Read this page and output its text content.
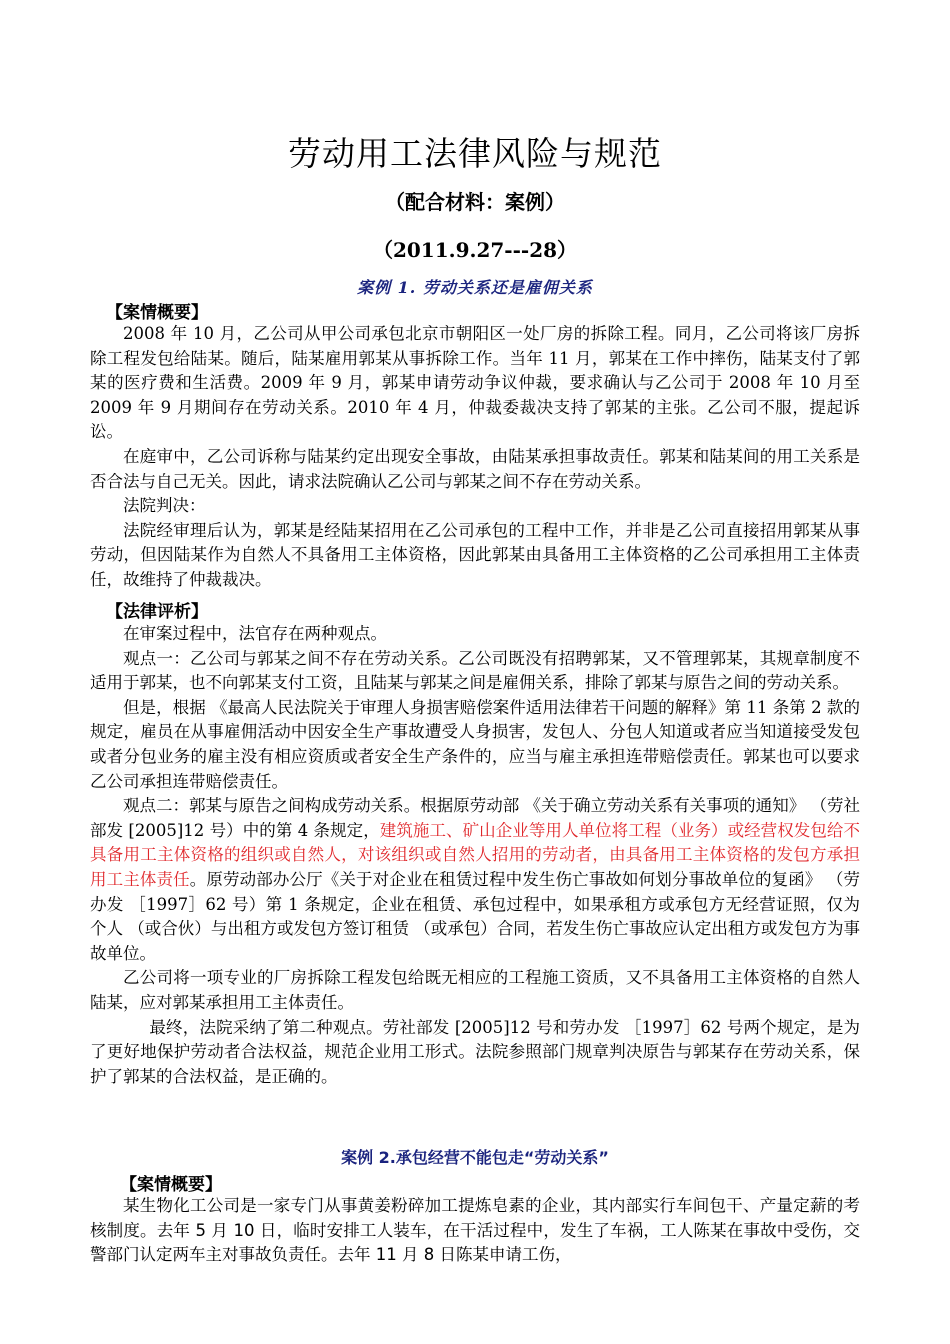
劳动用工法律风险与规范
（配合材料：案例）
（2011.9.27---28）
案例 1. 劳动关系还是雇佣关系
【案情概要】

2008 年 10 月，乙公司从甲公司承包北京市朝阳区一处厂房的拆除工程。同月，乙公司将该厂房拆除工程发包给陆某。随后，陆某雇用郭某从事拆除工作。当年 11 月，郭某在工作中摔伤，陆某支付了郭某的医疗费和生活费。2009 年 9 月，郭某申请劳动争议仲裁，要求确认与乙公司于 2008 年 10 月至 2009 年 9 月期间存在劳动关系。2010 年 4 月，仲裁委裁决支持了郭某的主张。乙公司不服，提起诉讼。

在庭审中，乙公司诉称与陆某约定出现安全事故，由陆某承担事故责任。郭某和陆某间的用工关系是否合法与自己无关。因此，请求法院确认乙公司与郭某之间不存在劳动关系。

法院判决：

法院经审理后认为，郭某是经陆某招用在乙公司承包的工程中工作，并非是乙公司直接招用郭某从事劳动，但因陆某作为自然人不具备用工主体资格，因此郭某由具备用工主体资格的乙公司承担用工主体责任，故维持了仲裁裁决。

【法律评析】

在审案过程中，法官存在两种观点。

观点一：乙公司与郭某之间不存在劳动关系。乙公司既没有招聘郭某，又不管理郭某，其规章制度不适用于郭某，也不向郭某支付工资，且陆某与郭某之间是雇佣关系，排除了郭某与原告之间的劳动关系。

但是，根据 《最高人民法院关于审理人身损害赔偿案件适用法律若干问题的解释》第 11 条第 2 款的规定，雇员在从事雇佣活动中因安全生产事故遭受人身损害，发包人、分包人知道或者应当知道接受发包或者分包业务的雇主没有相应资质或者安全生产条件的，应当与雇主承担连带赔偿责任。郭某也可以要求乙公司承担连带赔偿责任。

观点二：郭某与原告之间构成劳动关系。根据原劳动部 《关于确立劳动关系有关事项的通知》 （劳社部发 [2005]12 号）中的第 4 条规定，建筑施工、矿山企业等用人单位将工程（业务）或经营权发包给不具备用工主体资格的组织或自然人，对该组织或自然人招用的劳动者，由具备用工主体资格的发包方承担用工主体责任。原劳动部办公厅《关于对企业在租赁过程中发生伤亡事故如何划分事故单位的复函》 （劳办发 ［1997］62 号）第 1 条规定，企业在租赁、承包过程中，如果承租方或承包方无经营证照，仅为个人 （或合伙）与出租方或发包方签订租赁 （或承包）合同，若发生伤亡事故应认定出租方或发包方为事故单位。

乙公司将一项专业的厂房拆除工程发包给既无相应的工程施工资质，又不具备用工主体资格的自然人陆某，应对郭某承担用工主体责任。

最终，法院采纳了第二种观点。劳社部发 [2005]12 号和劳办发 ［1997］62 号两个规定，是为了更好地保护劳动者合法权益，规范企业用工形式。法院参照部门规章判决原告与郭某存在劳动关系，保护了郭某的合法权益，是正确的。

案例 2.承包经营不能包走“劳动关系”
【案情概要】

某生物化工公司是一家专门从事黄姜粉碎加工提炼皂素的企业，其内部实行车间包干、产量定薪的考核制度。去年 5 月 10 日，临时安排工人装车，在干活过程中，发生了车祸，工人陈某在事故中受伤，交警部门认定两车主对事故负责任。去年 11 月 8 日陈某申请工伤，
